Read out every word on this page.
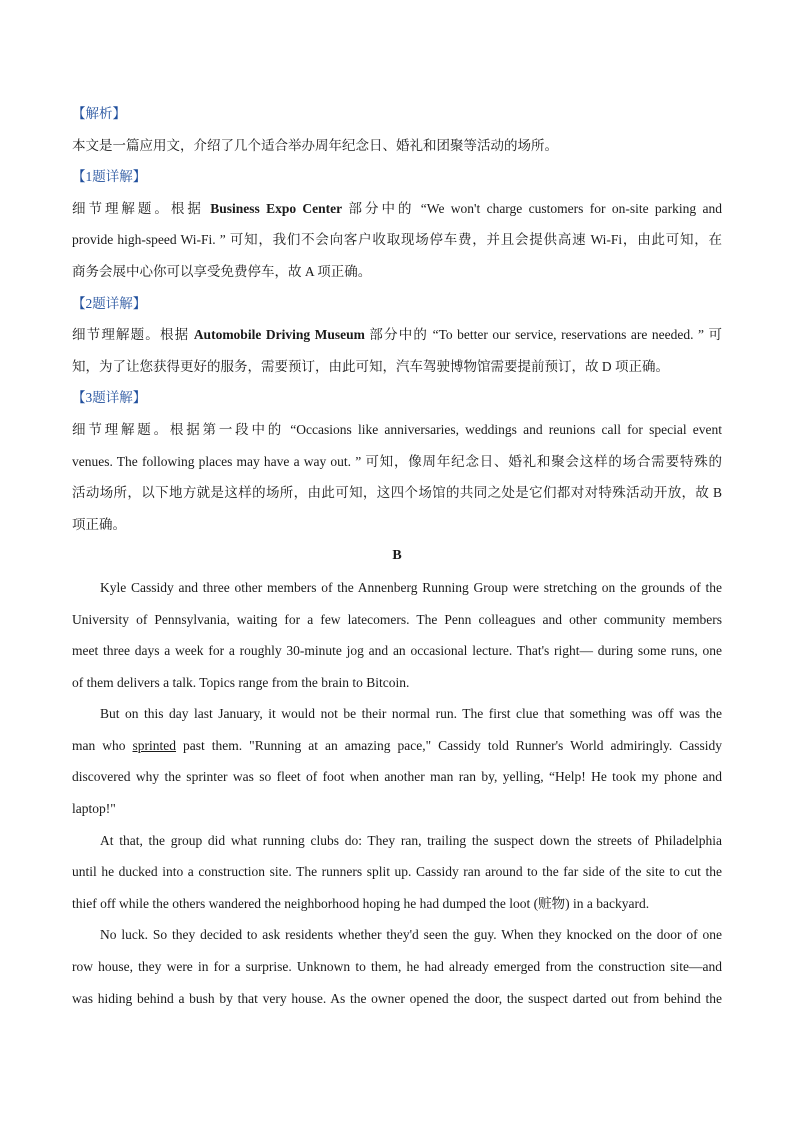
【解析】
本文是一篇应用文，介绍了几个适合举办周年纪念日、婚礼和团聚等活动的场所。
【1题详解】
细节理解题。根据 Business Expo Center 部分中的 “We won't charge customers for on-site parking and
provide high-speed Wi-Fi. ” 可知，我们不会向客户收取现场停车费，并且会提供高速 Wi-Fi，由此可知，在
商务会展中心你可以享受免费停车，故 A 项正确。
【2题详解】
细节理解题。根据 Automobile Driving Museum 部分中的 “To better our service, reservations are needed. ” 可
知，为了让您获得更好的服务，需要预订，由此可知，汽车驾驶博物馆需要提前预订，故 D 项正确。
【3题详解】
细节理解题。根据第一段中的 “Occasions like anniversaries, weddings and reunions call for special event
venues. The following places may have a way out. ” 可知，像周年纪念日、婚礼和聚会这样的场合需要特殊的
活动场所，以下地方就是这样的场所，由此可知，这四个场馆的共同之处是它们都对对特殊活动开放，故 B
项正确。
B
Kyle Cassidy and three other members of the Annenberg Running Group were stretching on the grounds of the
University of Pennsylvania, waiting for a few latecomers. The Penn colleagues and other community members
meet three days a week for a roughly 30-minute jog and an occasional lecture. That's right— during some runs, one
of them delivers a talk. Topics range from the brain to Bitcoin.
But on this day last January, it would not be their normal run. The first clue that something was off was the
man who sprinted past them. "Running at an amazing pace," Cassidy told Runner's World admiringly. Cassidy
discovered why the sprinter was so fleet of foot when another man ran by, yelling, “Help! He took my phone and
laptop!"
At that, the group did what running clubs do: They ran, trailing the suspect down the streets of Philadelphia
until he ducked into a construction site. The runners split up. Cassidy ran around to the far side of the site to cut the
thief off while the others wandered the neighborhood hoping he had dumped the loot (赃物) in a backyard.
No luck. So they decided to ask residents whether they'd seen the guy. When they knocked on the door of one
row house, they were in for a surprise. Unknown to them, he had already emerged from the construction site—and
was hiding behind a bush by that very house. As the owner opened the door, the suspect darted out from behind the
